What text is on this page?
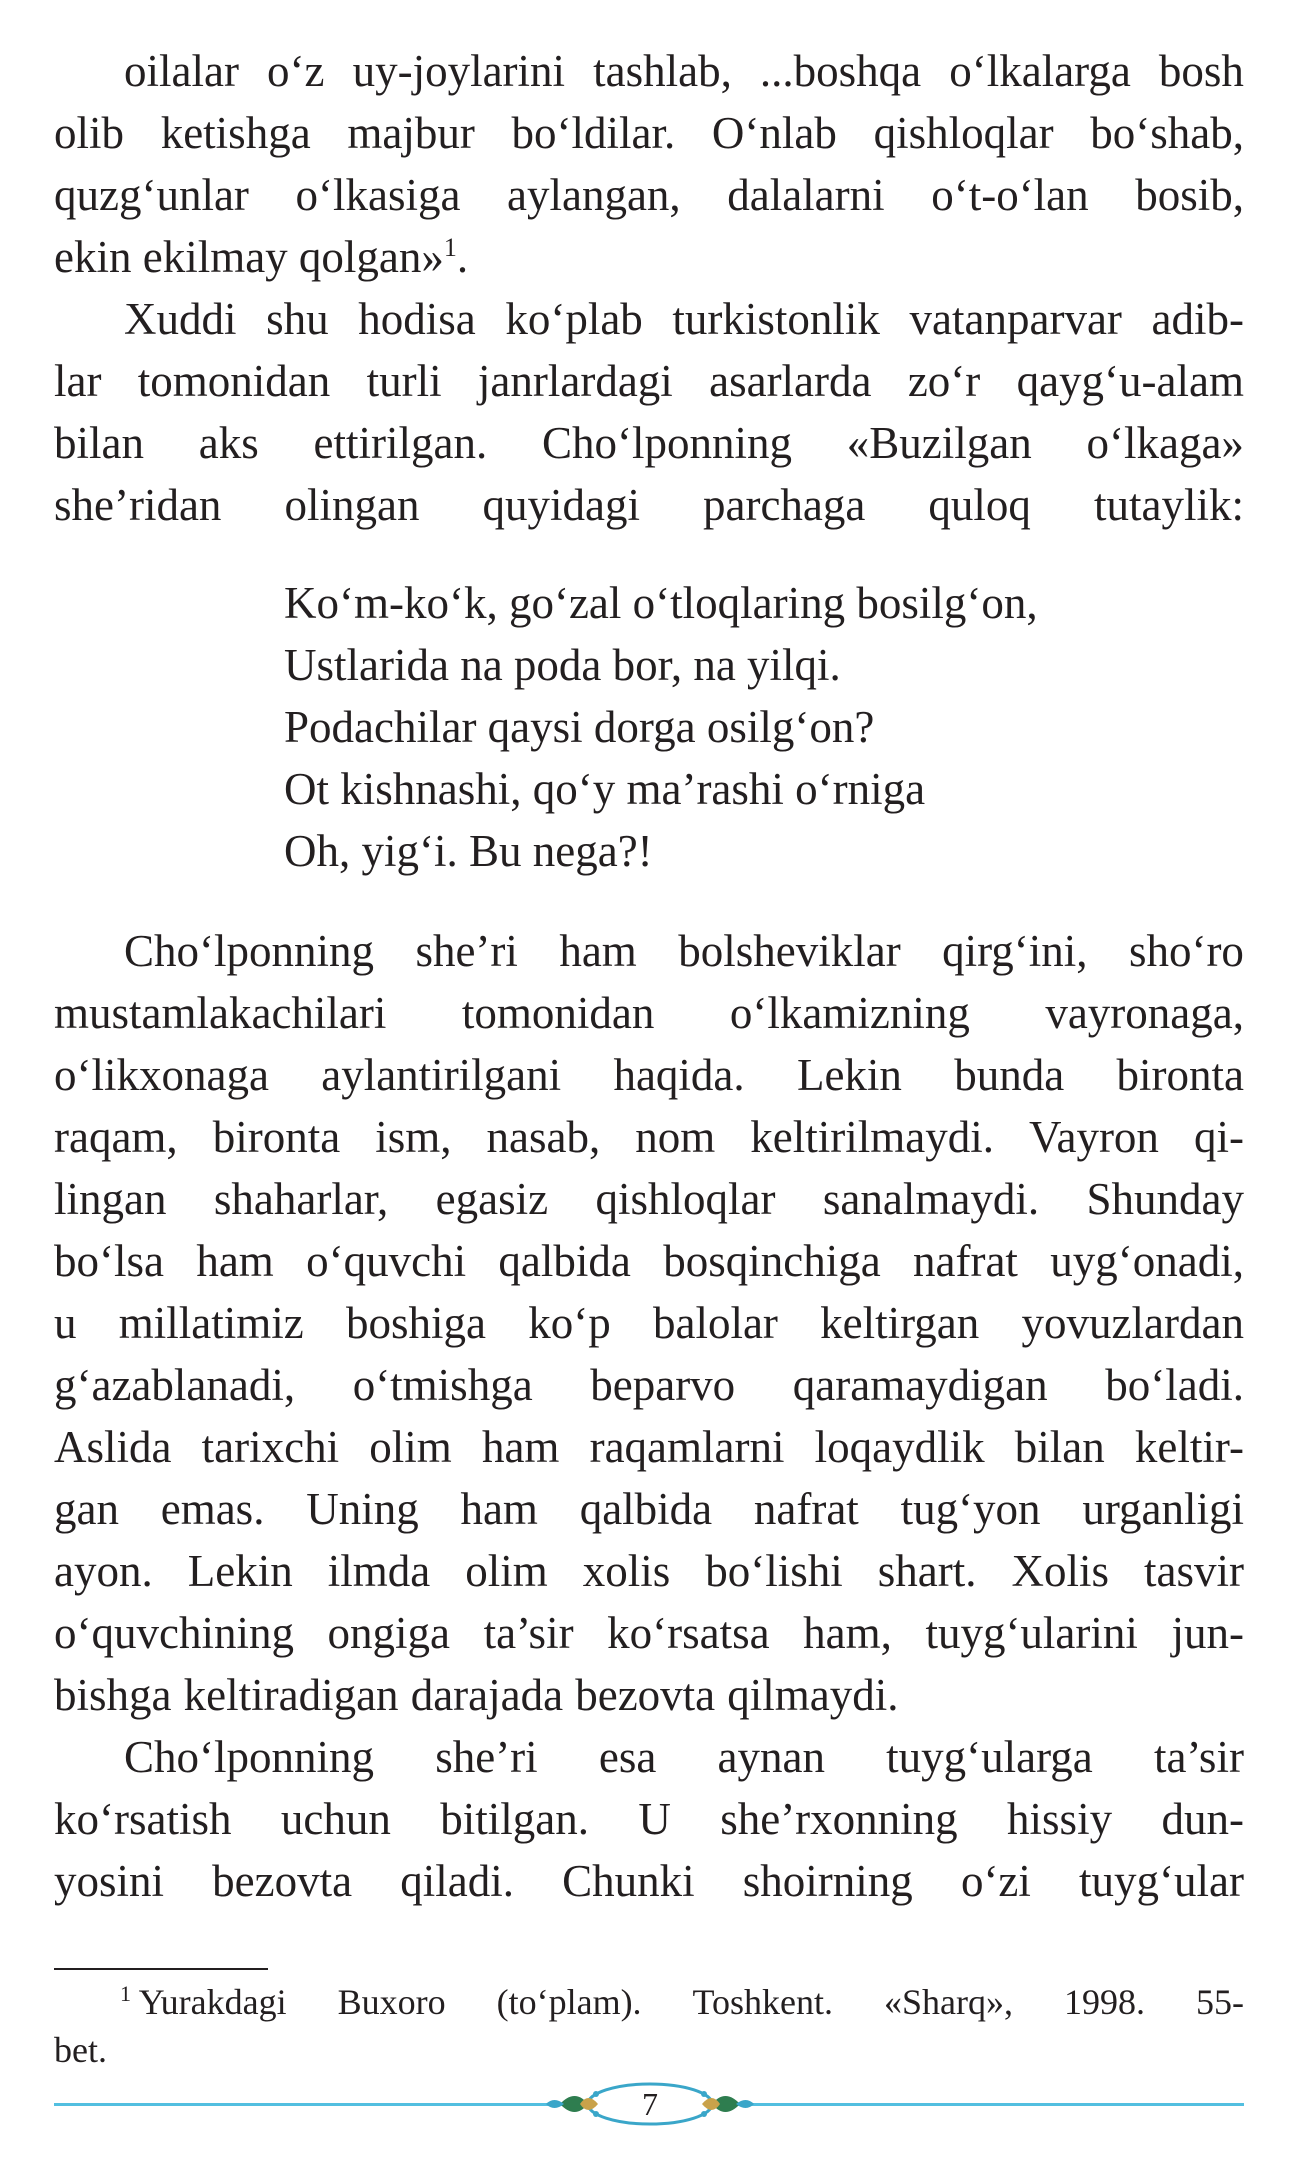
oilalar o‘z uy-joylarini tashlab, ...boshqa o‘lkalarga bosh
olib ketishga majbur bo‘ldilar. O‘nlab qishloqlar bo‘shab,
quzg‘unlar o‘lkasiga aylangan, dalalarni o‘t-o‘lan bosib,
ekin ekilmay qolgan»$^1$.
Xuddi shu hodisa ko‘plab turkistonlik vatanparvar adib-
lar tomonidan turli janrlardagi asarlarda zo‘r qayg‘u-alam
bilan aks ettirilgan. Cho‘lponning «Buzilgan o‘lkaga»
she’ridan olingan quyidagi parchaga quloq tutaylik:
Ko‘m-ko‘k, go‘zal o‘tloqlaring bosilg‘on,
Ustlarida na poda bor, na yilqi.
Podachilar qaysi dorga osilg‘on?
Ot kishnashi, qo‘y ma’rashi o‘rniga
Oh, yig‘i. Bu nega?!
Cho‘lponning she’ri ham bolsheviklar qirg‘ini, sho‘ro
mustamlakachilari tomonidan o‘lkamizning vayronaga,
o‘likxonaga aylantirilgani haqida. Lekin bunda bironta
raqam, bironta ism, nasab, nom keltirilmaydi. Vayron qi-
lingan shaharlar, egasiz qishloqlar sanalmaydi. Shunday
bo‘lsa ham o‘quvchi qalbida bosqinchiga nafrat uyg‘onadi,
u millatimiz boshiga ko‘p balolar keltirgan yovuzlardan
g‘azablanadi, o‘tmishga beparvo qaramaydigan bo‘ladi.
Aslida tarixchi olim ham raqamlarni loqaydlik bilan keltir-
gan emas. Uning ham qalbida nafrat tug‘yon urganligi
ayon. Lekin ilmda olim xolis bo‘lishi shart. Xolis tasvir
o‘quvchining ongiga ta’sir ko‘rsatsa ham, tuyg‘ularini jun-
bishga keltiradigan darajada bezovta qilmaydi.
Cho‘lponning she’ri esa aynan tuyg‘ularga ta’sir
ko‘rsatish uchun bitilgan. U she’rxonning hissiy dun-
yosini bezovta qiladi. Chunki shoirning o‘zi tuyg‘ular
$^1$ Yurakdagi Buxoro (to‘plam). Toshkent. «Sharq», 1998. 55-
bet.
7
